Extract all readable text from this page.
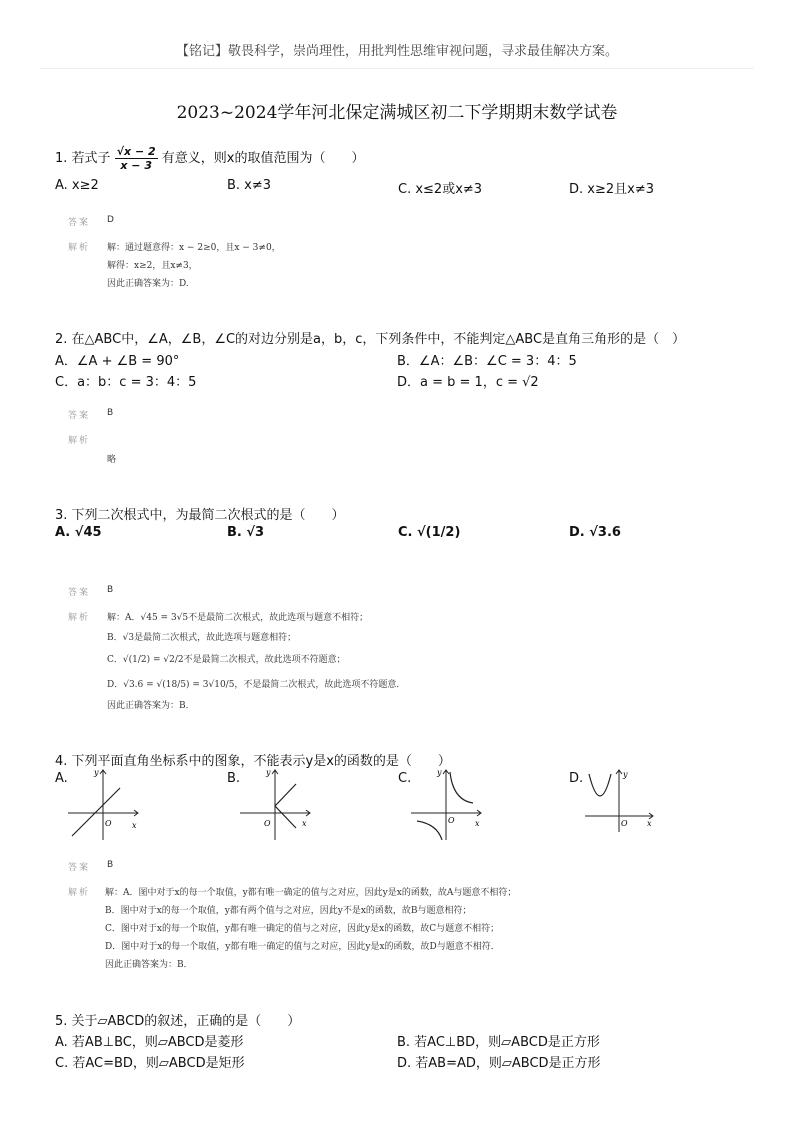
【铭记】敬畏科学，崇尚理性，用批判性思维审视问题，寻求最佳解决方案。
2023~2024学年河北保定满城区初二下学期期末数学试卷
1. 若式子 $\frac{√x - 2}{x - 3}$ 有意义，则x的取值范围为（　　）
A. x≥2	B. x≠3	C. x≤2或x≠3	D. x≥2且x≠3
答案 D
解析 解：通过题意得：x − 2≥0，且x − 3≠0，
解得：x≥2，且x≠3，
因此正确答案为：D.
2. 在△ABC中，∠A，∠B，∠C的对边分别是a，b，c，下列条件中，不能判定△ABC是直角三角形的是（　）
A．∠A + ∠B = 90°	B．∠A：∠B：∠C = 3：4：5
C．a：b：c = 3：4：5	D．a = b = 1，c = √2
答案 B
解析
略
3. 下列二次根式中，为最简二次根式的是（　　）
A. √45	B. √3	C. √(1/2)	D. √3.6
答案 B
解析 解：A．√45 = 3√5不是最简二次根式，故此选项与题意不相符；
B．√3是最简二次根式，故此选项与题意相符；
C．√(1/2) = √2/2不是最简二次根式，故此选项不符题意；
D．√3.6 = √(18/5) = 3√10/5，不是最简二次根式，故此选项不符题意．
因此正确答案为：B．
4. 下列平面直角坐标系中的图象，不能表示y是x的函数的是（　　）
A.	B.	C.	D.
x
y
O	x
y
O	x
y
O	x
y
O
答案 B
解析 解：A．图中对于x的每一个取值，y都有唯一确定的值与之对应，因此y是x的函数，故A与题意不相符；
B．图中对于x的每一个取值，y都有两个值与之对应，因此y不是x的函数，故B与题意相符；
C．图中对于x的每一个取值，y都有唯一确定的值与之对应，因此y是x的函数，故C与题意不相符；
D．图中对于x的每一个取值，y都有唯一确定的值与之对应，因此y是x的函数，故D与题意不相符．
因此正确答案为：B．
5. 关于▱ABCD的叙述，正确的是（　　）
A. 若AB⊥BC，则▱ABCD是菱形	B. 若AC⊥BD，则▱ABCD是正方形
C. 若AC=BD，则▱ABCD是矩形	D. 若AB=AD，则▱ABCD是正方形
